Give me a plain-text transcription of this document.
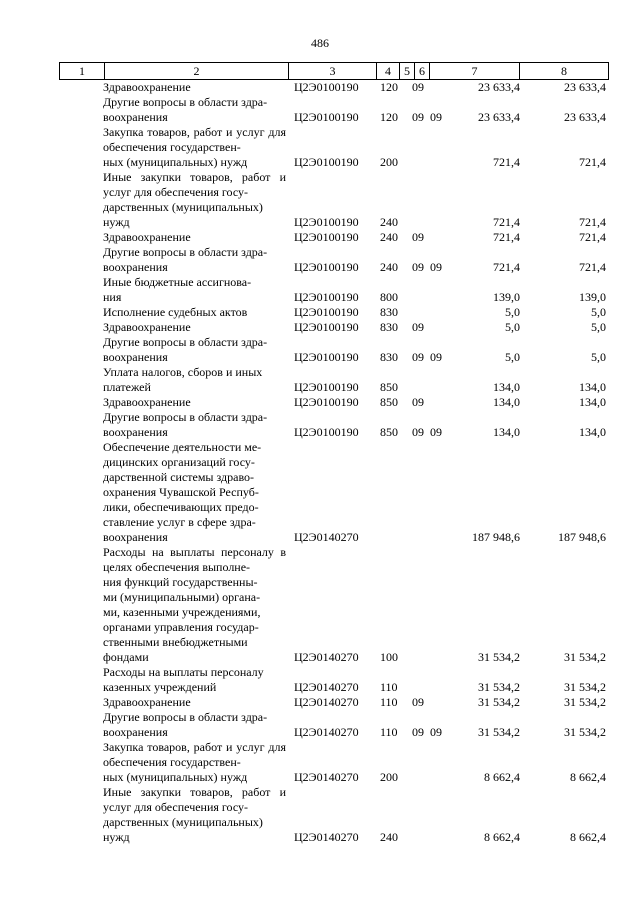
486
1	2	3	4	5	6	7	8
Здравоохранение	Ц2Э0100190	120	09	23 633,4	23 633,4
Другие вопросы в области здра-
воохранения	Ц2Э0100190	120	09 09	23 633,4	23 633,4
Закупка товаров, работ и услуг для обеспечения государствен-
ных (муниципальных) нужд	Ц2Э0100190	200	721,4	721,4
Иные закупки товаров, работ и услуг для обеспечения госу-
дарственных (муниципальных)
нужд	Ц2Э0100190	240	721,4	721,4
Здравоохранение	Ц2Э0100190	240	09	721,4	721,4
Другие вопросы в области здра-
воохранения	Ц2Э0100190	240	09 09	721,4	721,4
Иные бюджетные ассигнова-
ния	Ц2Э0100190	800	139,0	139,0
Исполнение судебных актов	Ц2Э0100190	830	5,0	5,0
Здравоохранение	Ц2Э0100190	830	09	5,0	5,0
Другие вопросы в области здра-
воохранения	Ц2Э0100190	830	09 09	5,0	5,0
Уплата налогов, сборов и иных
платежей	Ц2Э0100190	850	134,0	134,0
Здравоохранение	Ц2Э0100190	850	09	134,0	134,0
Другие вопросы в области здра-
воохранения	Ц2Э0100190	850	09 09	134,0	134,0
Обеспечение деятельности ме-
дицинских организаций госу-
дарственной системы здраво-
охранения Чувашской Респуб-
лики, обеспечивающих предо-
ставление услуг в сфере здра-
воохранения	Ц2Э0140270	187 948,6	187 948,6
Расходы на выплаты персоналу в целях обеспечения выполне-
ния функций государственны-
ми (муниципальными) органа-
ми, казенными учреждениями,
органами управления государ-
ственными внебюджетными
фондами	Ц2Э0140270	100	31 534,2	31 534,2
Расходы на выплаты персоналу
казенных учреждений	Ц2Э0140270	110	31 534,2	31 534,2
Здравоохранение	Ц2Э0140270	110	09	31 534,2	31 534,2
Другие вопросы в области здра-
воохранения	Ц2Э0140270	110	09 09	31 534,2	31 534,2
Закупка товаров, работ и услуг для обеспечения государствен-
ных (муниципальных) нужд	Ц2Э0140270	200	8 662,4	8 662,4
Иные закупки товаров, работ и услуг для обеспечения госу-
дарственных (муниципальных)
нужд	Ц2Э0140270	240	8 662,4	8 662,4
